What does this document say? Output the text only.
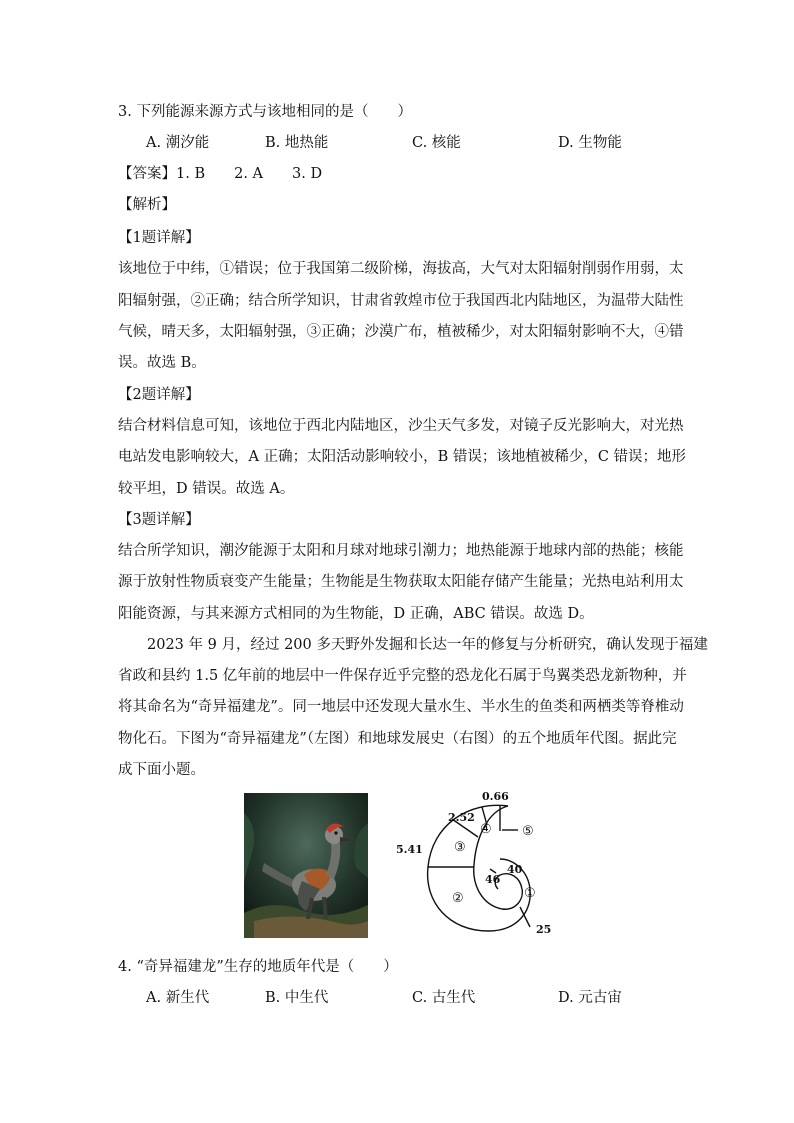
3. 下列能源来源方式与该地相同的是（　　）
A. 潮汐能	B. 地热能	C. 核能	D. 生物能
【答案】1. B　　2. A　　3. D
【解析】
【1题详解】
该地位于中纬，①错误；位于我国第二级阶梯，海拔高，大气对太阳辐射削弱作用弱，太
阳辐射强，②正确；结合所学知识，甘肃省敦煌市位于我国西北内陆地区，为温带大陆性
气候，晴天多，太阳辐射强，③正确；沙漠广布，植被稀少，对太阳辐射影响不大，④错
误。故选 B。
【2题详解】
结合材料信息可知，该地位于西北内陆地区，沙尘天气多发，对镜子反光影响大，对光热
电站发电影响较大，A 正确；太阳活动影响较小，B 错误；该地植被稀少，C 错误；地形
较平坦，D 错误。故选 A。
【3题详解】
结合所学知识，潮汐能源于太阳和月球对地球引潮力；地热能源于地球内部的热能；核能
源于放射性物质衰变产生能量；生物能是生物获取太阳能存储产生能量；光热电站利用太
阳能资源，与其来源方式相同的为生物能，D 正确，ABC 错误。故选 D。
　　2023 年 9 月，经过 200 多天野外发掘和长达一年的修复与分析研究，确认发现于福建
省政和县约 1.5 亿年前的地层中一件保存近乎完整的恐龙化石属于鸟翼类恐龙新物种，并
将其命名为“奇异福建龙”。同一地层中还发现大量水生、半水生的鱼类和两栖类等脊椎动
物化石。下图为“奇异福建龙”（左图）和地球发展史（右图）的五个地质年代图。据此完
成下面小题。
0.66
2.52
5.41
46
40
25
⑤
④
③
②	①
4. “奇异福建龙”生存的地质年代是（　　）
A. 新生代	B. 中生代	C. 古生代	D. 元古宙
